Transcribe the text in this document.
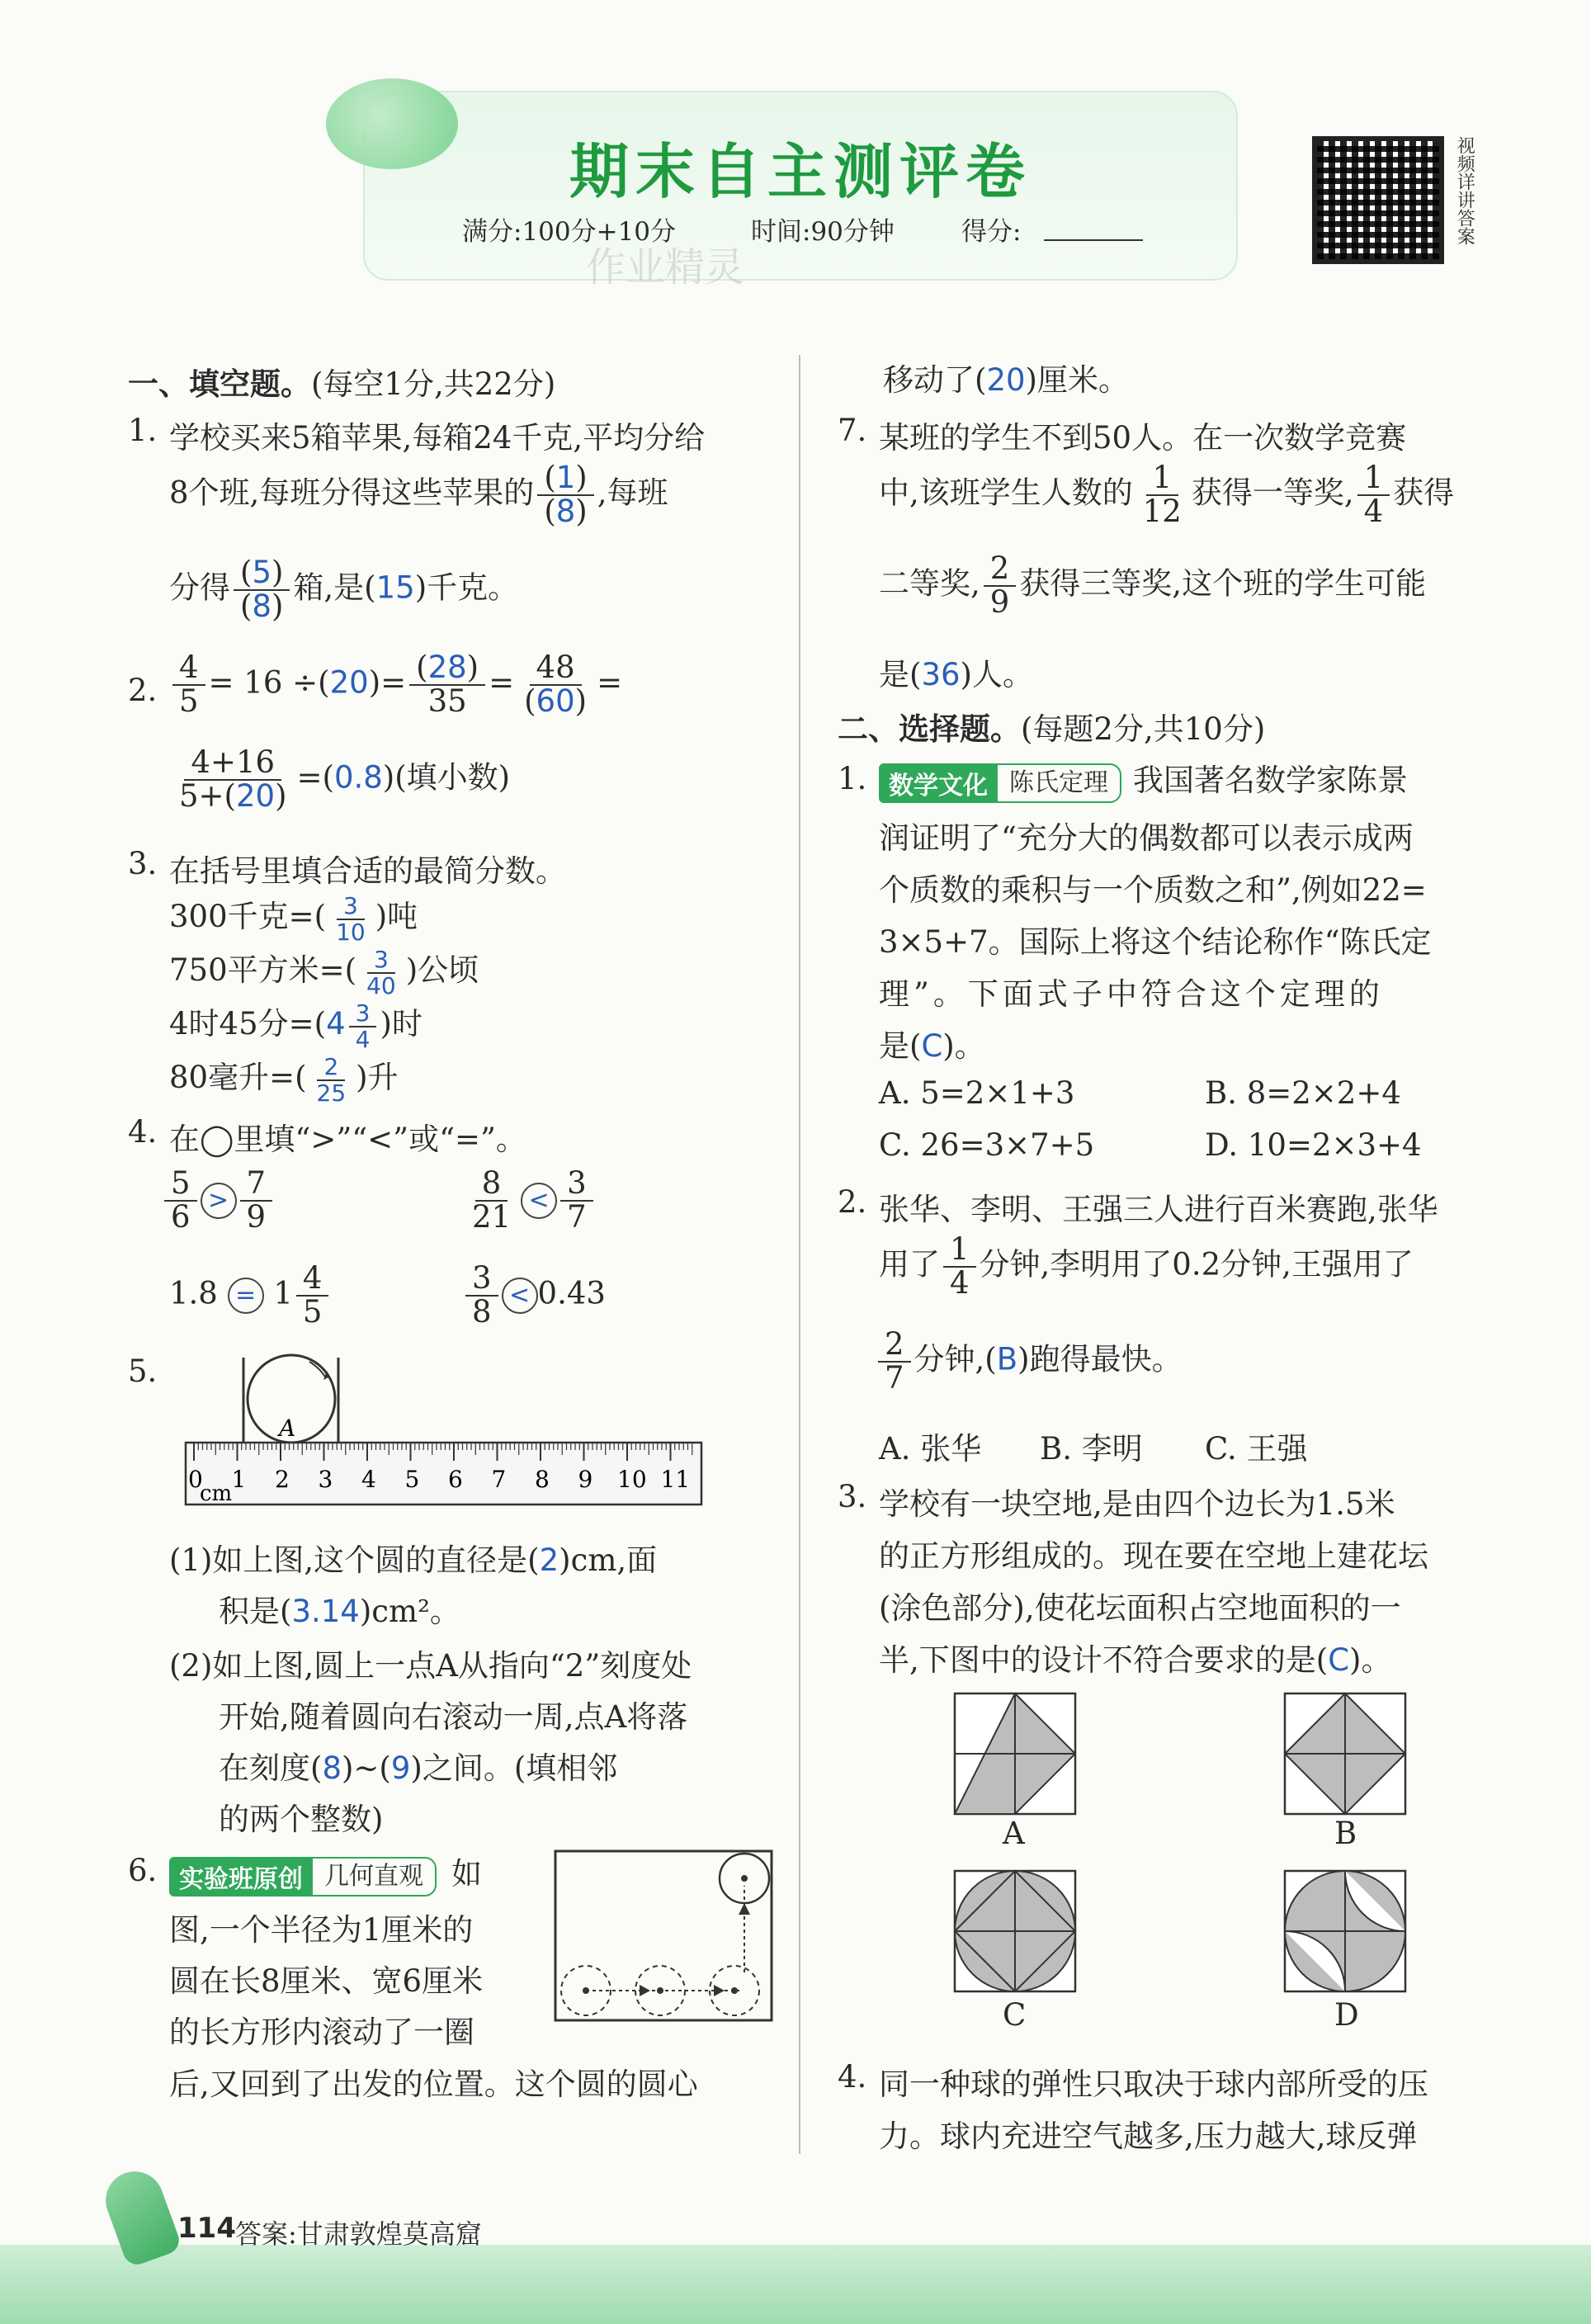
期末自主测评卷
满分:100分+10分	时间:90分钟	得分:
作业精灵
视频详讲答案
一、填空题。(每空1分,共22分)
1. 学校买来5箱苹果,每箱24千克,平均分给
8个班,每班分得这些苹果的 $\frac{(1)}{(8)}$ ,每班
分得 $\frac{(5)}{(8)}$ 箱,是(15)千克。
2. $\frac{4}{5} = 16 \div(20)= \frac{(28)}{35} = \frac{48}{(60)}$ =
$\frac{4+16}{5+(20)} =(0.8)$(填小数)
3. 在括号里填合适的最简分数。
300千克=( $\frac{3}{10}$ )吨
750平方米=( $\frac{3}{40}$ )公顷
4时45分$=(4 \frac{3}{4}$ )时
80毫升=( $\frac{2}{25}$ )升
4. 在◯里填“>”“<”或“=”。
$\frac{5}{6} > \frac{7}{9}$	$\frac{8}{21} < \frac{3}{7}$
$1.8 = 1 \frac{4}{5}$	$\frac{3}{8} < 0.43$
5.
A
0 1 2 3 4 5 6 7 8 9 10 11
cm
(1)如上图,这个圆的直径是(2)cm,面
积是(3.14)cm²。
(2)如上图,圆上一点A从指向“2”刻度处
开始,随着圆向右滚动一周,点A将落
在刻度(8)~(9)之间。(填相邻
的两个整数)
6. 实验班原创 几何直观 如
图,一个半径为1厘米的
圆在长8厘米、宽6厘米
的长方形内滚动了一圈
后,又回到了出发的位置。这个圆的圆心
移动了(20)厘米。
7. 某班的学生不到50人。在一次数学竞赛
中,该班学生人数的 $\frac{1}{12}$ 获得一等奖, $\frac{1}{4}$ 获得
二等奖, $\frac{2}{9}$ 获得三等奖,这个班的学生可能
是(36)人。
二、选择题。(每题2分,共10分)
1. 数学文化 陈氏定理 我国著名数学家陈景
润证明了“充分大的偶数都可以表示成两
个质数的乘积与一个质数之和”,例如22=
3×5+7。国际上将这个结论称作“陈氏定
理”。下面式子中符合这个定理的
是(C)。
A. 5=2×1+3	B. 8=2×2+4
C. 26=3×7+5	D. 10=2×3+4
2. 张华、李明、王强三人进行百米赛跑,张华
用了 $\frac{1}{4}$ 分钟,李明用了0.2分钟,王强用了
$\frac{2}{7}$ 分钟,(B)跑得最快。
A. 张华 B. 李明 C. 王强
3. 学校有一块空地,是由四个边长为1.5米
的正方形组成的。现在要在空地上建花坛
(涂色部分),使花坛面积占空地面积的一
半,下图中的设计不符合要求的是(C)。
A	B
C	D
4. 同一种球的弹性只取决于球内部所受的压
力。球内充进空气越多,压力越大,球反弹
114 答案:甘肃敦煌莫高窟
